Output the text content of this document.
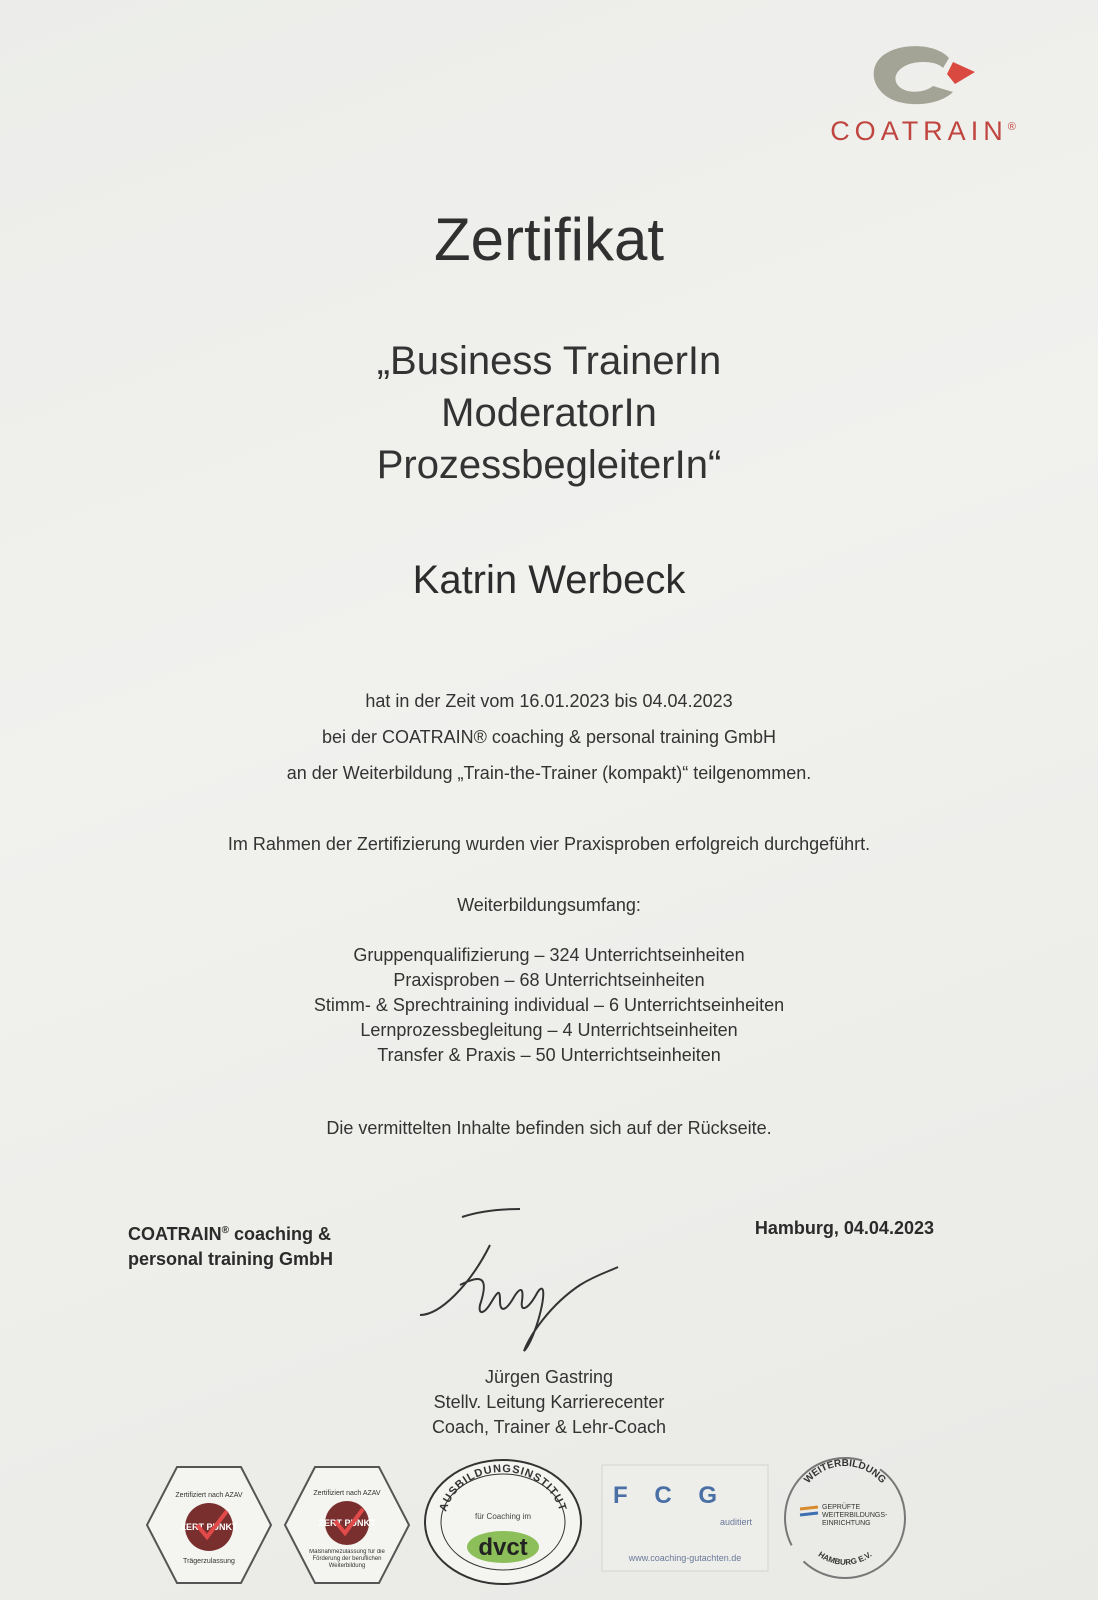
COATRAIN®
Zertifikat
„Business TrainerIn
ModeratorIn
ProzessbegleiterIn“
Katrin Werbeck
hat in der Zeit vom 16.01.2023 bis 04.04.2023
bei der COATRAIN® coaching & personal training GmbH
an der Weiterbildung „Train-the-Trainer (kompakt)“ teilgenommen.
Im Rahmen der Zertifizierung wurden vier Praxisproben erfolgreich durchgeführt.
Weiterbildungsumfang:
Gruppenqualifizierung – 324 Unterrichtseinheiten
Praxisproben – 68 Unterrichtseinheiten
Stimm- & Sprechtraining individual – 6 Unterrichtseinheiten
Lernprozessbegleitung – 4 Unterrichtseinheiten
Transfer & Praxis – 50 Unterrichtseinheiten
Die vermittelten Inhalte befinden sich auf der Rückseite.
COATRAIN® coaching &
personal training GmbH
Hamburg, 04.04.2023
Jürgen Gastring
Stellv. Leitung Karrierecenter
Coach, Trainer & Lehr-Coach
Zertifiziert nach AZAV
ZERT PUNKT
Trägerzulassung
Zertifiziert nach AZAV
ZERT PUNKT
Maßnahmezulassung für die Förderung der beruflichen Weiterbildung
AUSBILDUNGSINSTITUT
für Coaching im
dvct
F C G
auditiert
www.coaching-gutachten.de
WEITERBILDUNG
GEPRÜFTE
WEITERBILDUNGS-
EINRICHTUNG
HAMBURG E.V.
